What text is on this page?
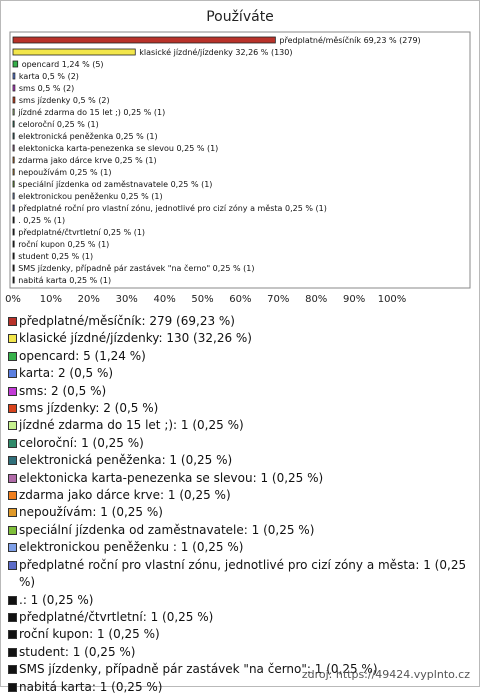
Používáte
předplatné/měsíčník 69,23 % (279)
klasické jízdné/jízdenky 32,26 % (130)
opencard 1,24 % (5)
karta 0,5 % (2)
sms 0,5 % (2)
sms jízdenky 0,5 % (2)
jízdné zdarma do 15 let ;) 0,25 % (1)
celoroční 0,25 % (1)
elektronická peněženka 0,25 % (1)
elektonicka karta-penezenka se slevou 0,25 % (1)
zdarma jako dárce krve 0,25 % (1)
nepoužívám 0,25 % (1)
speciální jízdenka od zaměstnavatele 0,25 % (1)
elektronickou peněženku 0,25 % (1)
předplatné roční pro vlastní zónu, jednotlivé pro cizí zóny a města 0,25 % (1)
. 0,25 % (1)
předplatné/čtvrtletní 0,25 % (1)
roční kupon 0,25 % (1)
student 0,25 % (1)
SMS jízdenky, případně pár zastávek "na černo" 0,25 % (1)
nabitá karta 0,25 % (1)
0% 10% 20% 30% 40% 50% 60% 70% 80% 90% 100%
předplatné/měsíčník: 279 (69,23 %)
klasické jízdné/jízdenky: 130 (32,26 %)
opencard: 5 (1,24 %)
karta: 2 (0,5 %)
sms: 2 (0,5 %)
sms jízdenky: 2 (0,5 %)
jízdné zdarma do 15 let ;): 1 (0,25 %)
celoroční: 1 (0,25 %)
elektronická peněženka: 1 (0,25 %)
elektonicka karta-penezenka se slevou: 1 (0,25 %)
zdarma jako dárce krve: 1 (0,25 %)
nepoužívám: 1 (0,25 %)
speciální jízdenka od zaměstnavatele: 1 (0,25 %)
elektronickou peněženku : 1 (0,25 %)
předplatné roční pro vlastní zónu, jednotlivé pro cizí zóny a města: 1 (0,25 %)
.: 1 (0,25 %)
předplatné/čtvrtletní: 1 (0,25 %)
roční kupon: 1 (0,25 %)
student: 1 (0,25 %)
SMS jízdenky, případně pár zastávek "na černo": 1 (0,25 %)
nabitá karta: 1 (0,25 %)
zdroj: https://49424.vyplnto.cz
